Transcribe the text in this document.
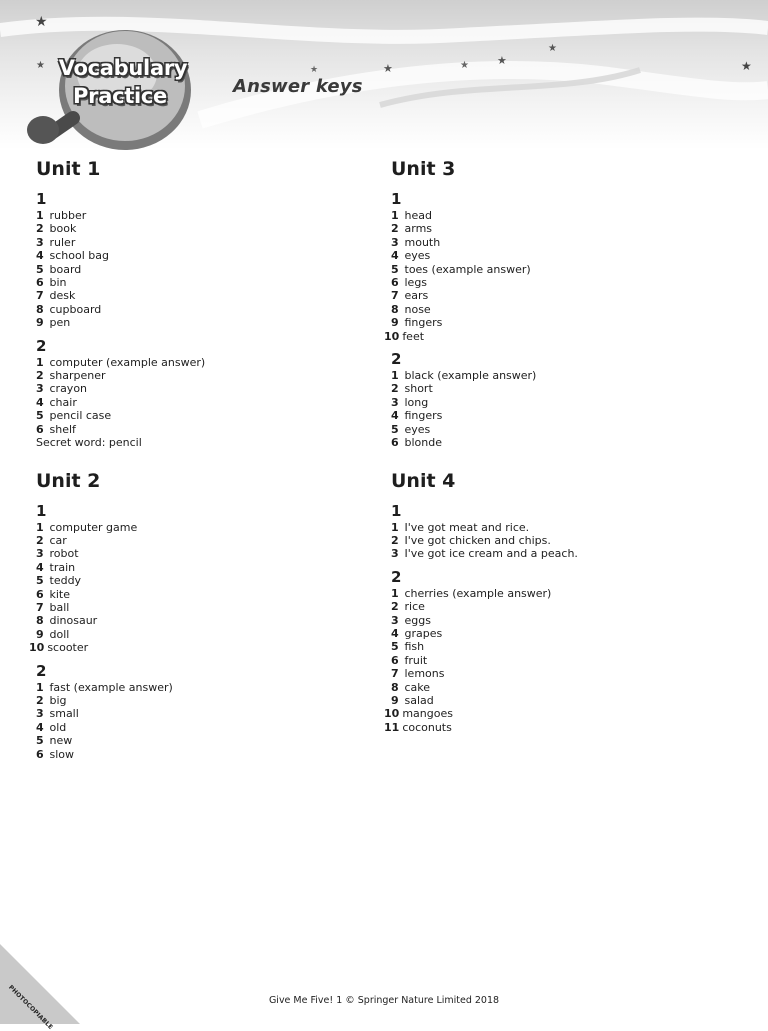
★
★	★	★	★	★
★
★
Vocabulary
Practice	Answer keys
Unit 1
1
1 rubber
2 book
3 ruler
4 school bag
5 board
6 bin
7 desk
8 cupboard
9 pen
2
1 computer (example answer)
2 sharpener
3 crayon
4 chair
5 pencil case
6 shelf
Secret word: pencil
Unit 2
1
1 computer game
2 car
3 robot
4 train
5 teddy
6 kite
7 ball
8 dinosaur
9 doll
10 scooter
2
1 fast (example answer)
2 big
3 small
4 old
5 new
6 slow
Unit 3
1
1 head
2 arms
3 mouth
4 eyes
5 toes (example answer)
6 legs
7 ears
8 nose
9 fingers
10 feet
2
1 black (example answer)
2 short
3 long
4 fingers
5 eyes
6 blonde
Unit 4
1
1 I've got meat and rice.
2 I've got chicken and chips.
3 I've got ice cream and a peach.
2
1 cherries (example answer)
2 rice
3 eggs
4 grapes
5 fish
6 fruit
7 lemons
8 cake
9 salad
10 mangoes
11 coconuts
PHOTOCOPIABLE	Give Me Five! 1 © Springer Nature Limited 2018
